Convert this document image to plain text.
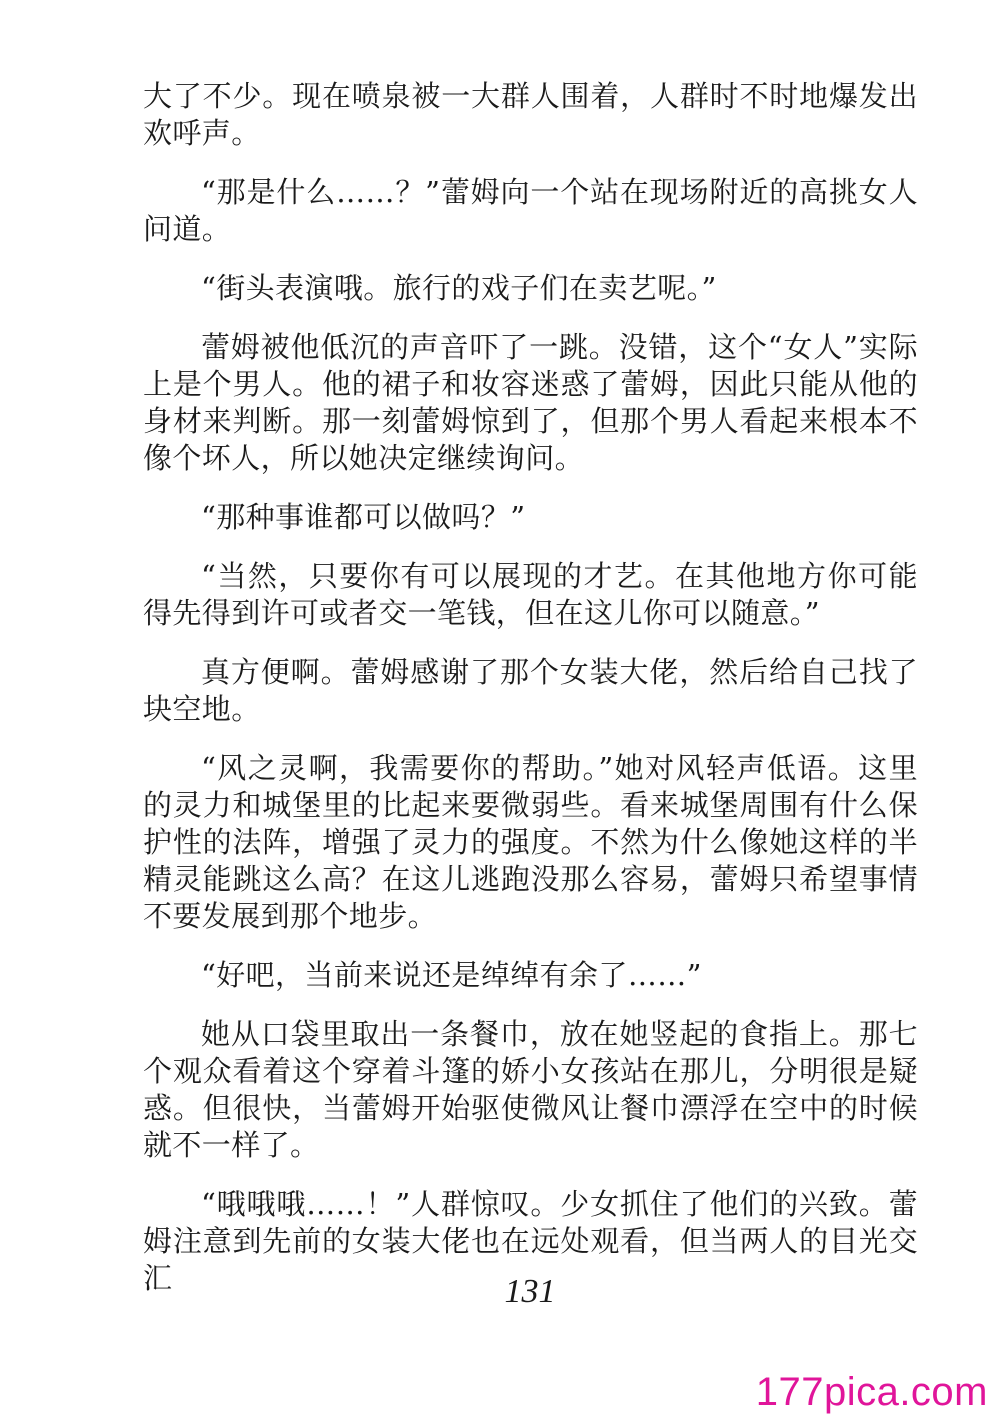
大了不少。现在喷泉被一大群人围着，人群时不时地爆发出欢呼声。

“那是什么……？”蕾姆向一个站在现场附近的高挑女人问道。

“街头表演哦。旅行的戏子们在卖艺呢。”

蕾姆被他低沉的声音吓了一跳。没错，这个“女人”实际上是个男人。他的裙子和妆容迷惑了蕾姆，因此只能从他的身材来判断。那一刻蕾姆惊到了，但那个男人看起来根本不像个坏人，所以她决定继续询问。

“那种事谁都可以做吗？”

“当然，只要你有可以展现的才艺。在其他地方你可能得先得到许可或者交一笔钱，但在这儿你可以随意。”

真方便啊。蕾姆感谢了那个女装大佬，然后给自己找了块空地。

“风之灵啊，我需要你的帮助。”她对风轻声低语。这里的灵力和城堡里的比起来要微弱些。看来城堡周围有什么保护性的法阵，增强了灵力的强度。不然为什么像她这样的半精灵能跳这么高？在这儿逃跑没那么容易，蕾姆只希望事情不要发展到那个地步。

“好吧，当前来说还是绰绰有余了……”

她从口袋里取出一条餐巾，放在她竖起的食指上。那七个观众看着这个穿着斗篷的娇小女孩站在那儿，分明很是疑惑。但很快，当蕾姆开始驱使微风让餐巾漂浮在空中的时候就不一样了。

“哦哦哦……！”人群惊叹。少女抓住了他们的兴致。蕾姆注意到先前的女装大佬也在远处观看，但当两人的目光交汇	131
177pica.com
